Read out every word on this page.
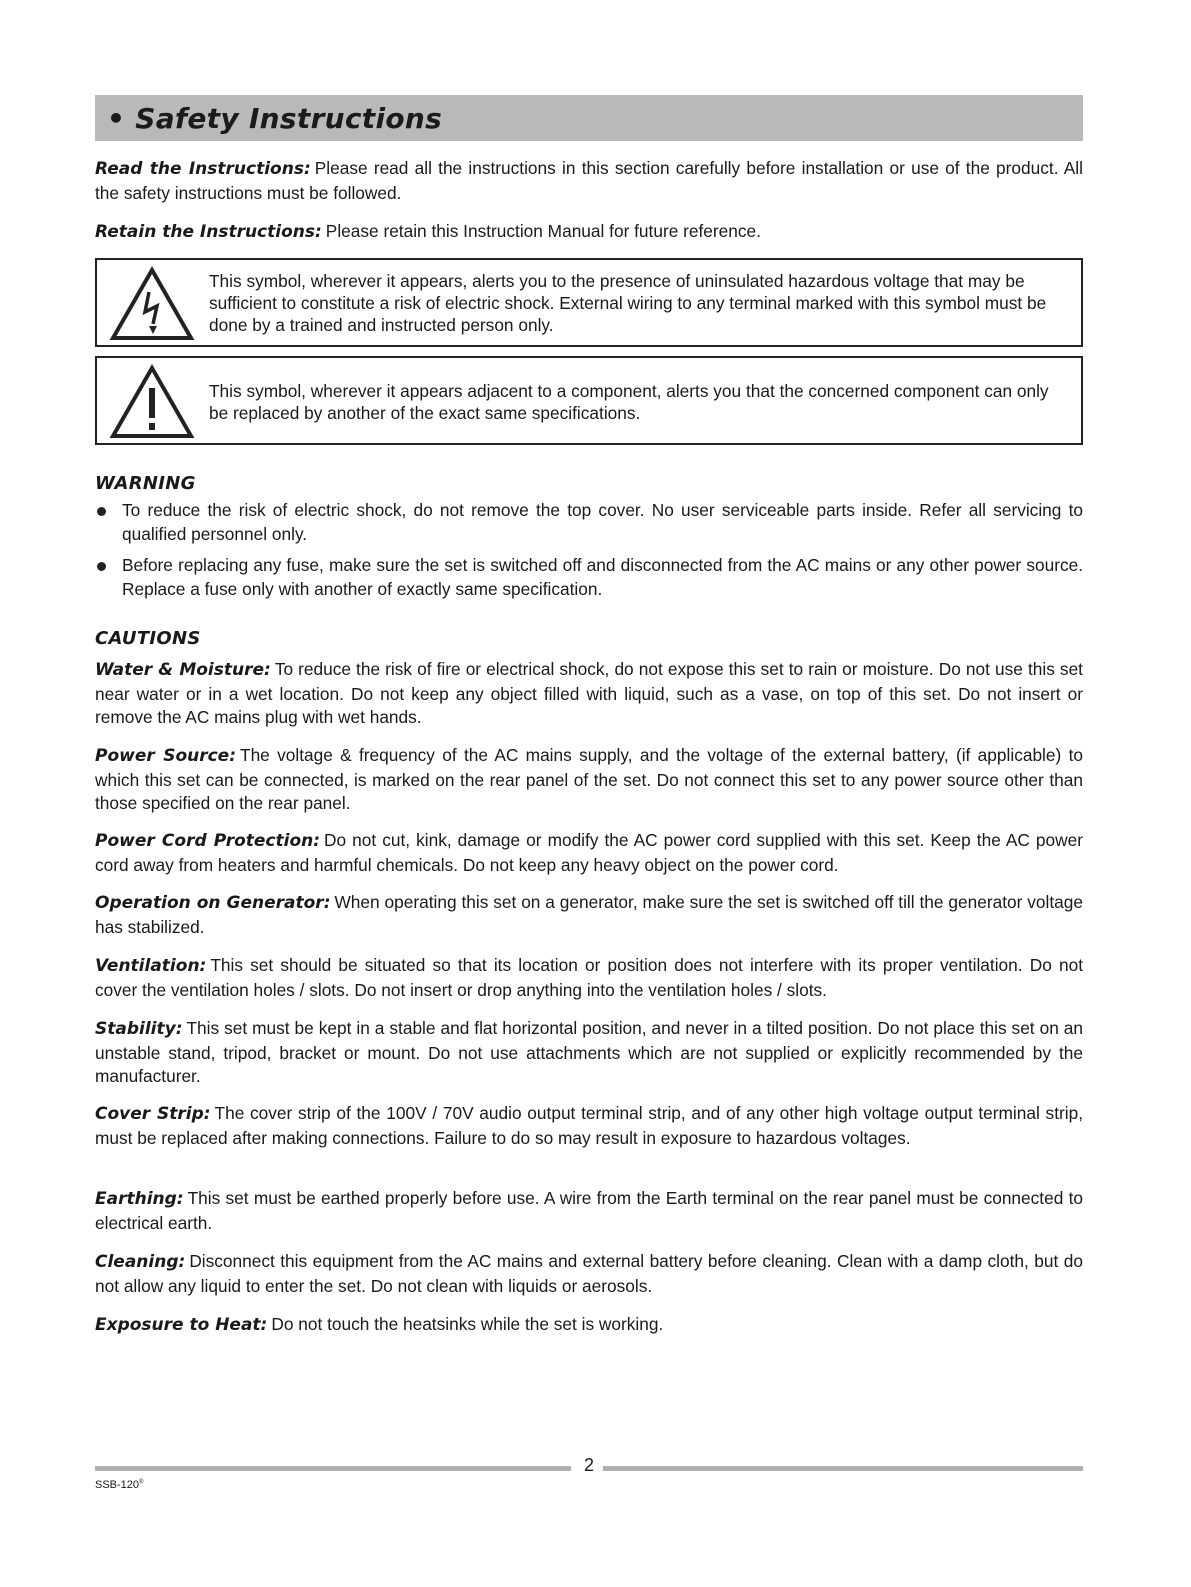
• Safety Instructions
Read the Instructions: Please read all the instructions in this section carefully before installation or use of the product. All the safety instructions must be followed.
Retain the Instructions: Please retain this Instruction Manual for future reference.
This symbol, wherever it appears, alerts you to the presence of uninsulated hazardous voltage that may be sufficient to constitute a risk of electric shock. External wiring to any terminal marked with this symbol must be done by a trained and instructed person only.
This symbol, wherever it appears adjacent to a component, alerts you that the concerned component can only be replaced by another of the exact same specifications.
WARNING
To reduce the risk of electric shock, do not remove the top cover. No user serviceable parts inside. Refer all servicing to qualified personnel only.
Before replacing any fuse, make sure the set is switched off and disconnected from the AC mains or any other power source. Replace a fuse only with another of exactly same specification.
CAUTIONS
Water & Moisture: To reduce the risk of fire or electrical shock, do not expose this set to rain or moisture. Do not use this set near water or in a wet location. Do not keep any object filled with liquid, such as a vase, on top of this set. Do not insert or remove the AC mains plug with wet hands.
Power Source: The voltage & frequency of the AC mains supply, and the voltage of the external battery, (if applicable) to which this set can be connected, is marked on the rear panel of the set. Do not connect this set to any power source other than those specified on the rear panel.
Power Cord Protection: Do not cut, kink, damage or modify the AC power cord supplied with this set. Keep the AC power cord away from heaters and harmful chemicals. Do not keep any heavy object on the power cord.
Operation on Generator: When operating this set on a generator, make sure the set is switched off till the generator voltage has stabilized.
Ventilation: This set should be situated so that its location or position does not interfere with its proper ventilation. Do not cover the ventilation holes / slots. Do not insert or drop anything into the ventilation holes / slots.
Stability: This set must be kept in a stable and flat horizontal position, and never in a tilted position. Do not place this set on an unstable stand, tripod, bracket or mount. Do not use attachments which are not supplied or explicitly recommended by the manufacturer.
Cover Strip: The cover strip of the 100V / 70V audio output terminal strip, and of any other high voltage output terminal strip, must be replaced after making connections. Failure to do so may result in exposure to hazardous voltages.
Earthing: This set must be earthed properly before use. A wire from the Earth terminal on the rear panel must be connected to electrical earth.
Cleaning: Disconnect this equipment from the AC mains and external battery before cleaning. Clean with a damp cloth, but do not allow any liquid to enter the set. Do not clean with liquids or aerosols.
Exposure to Heat: Do not touch the heatsinks while the set is working.
2
SSB-120®
